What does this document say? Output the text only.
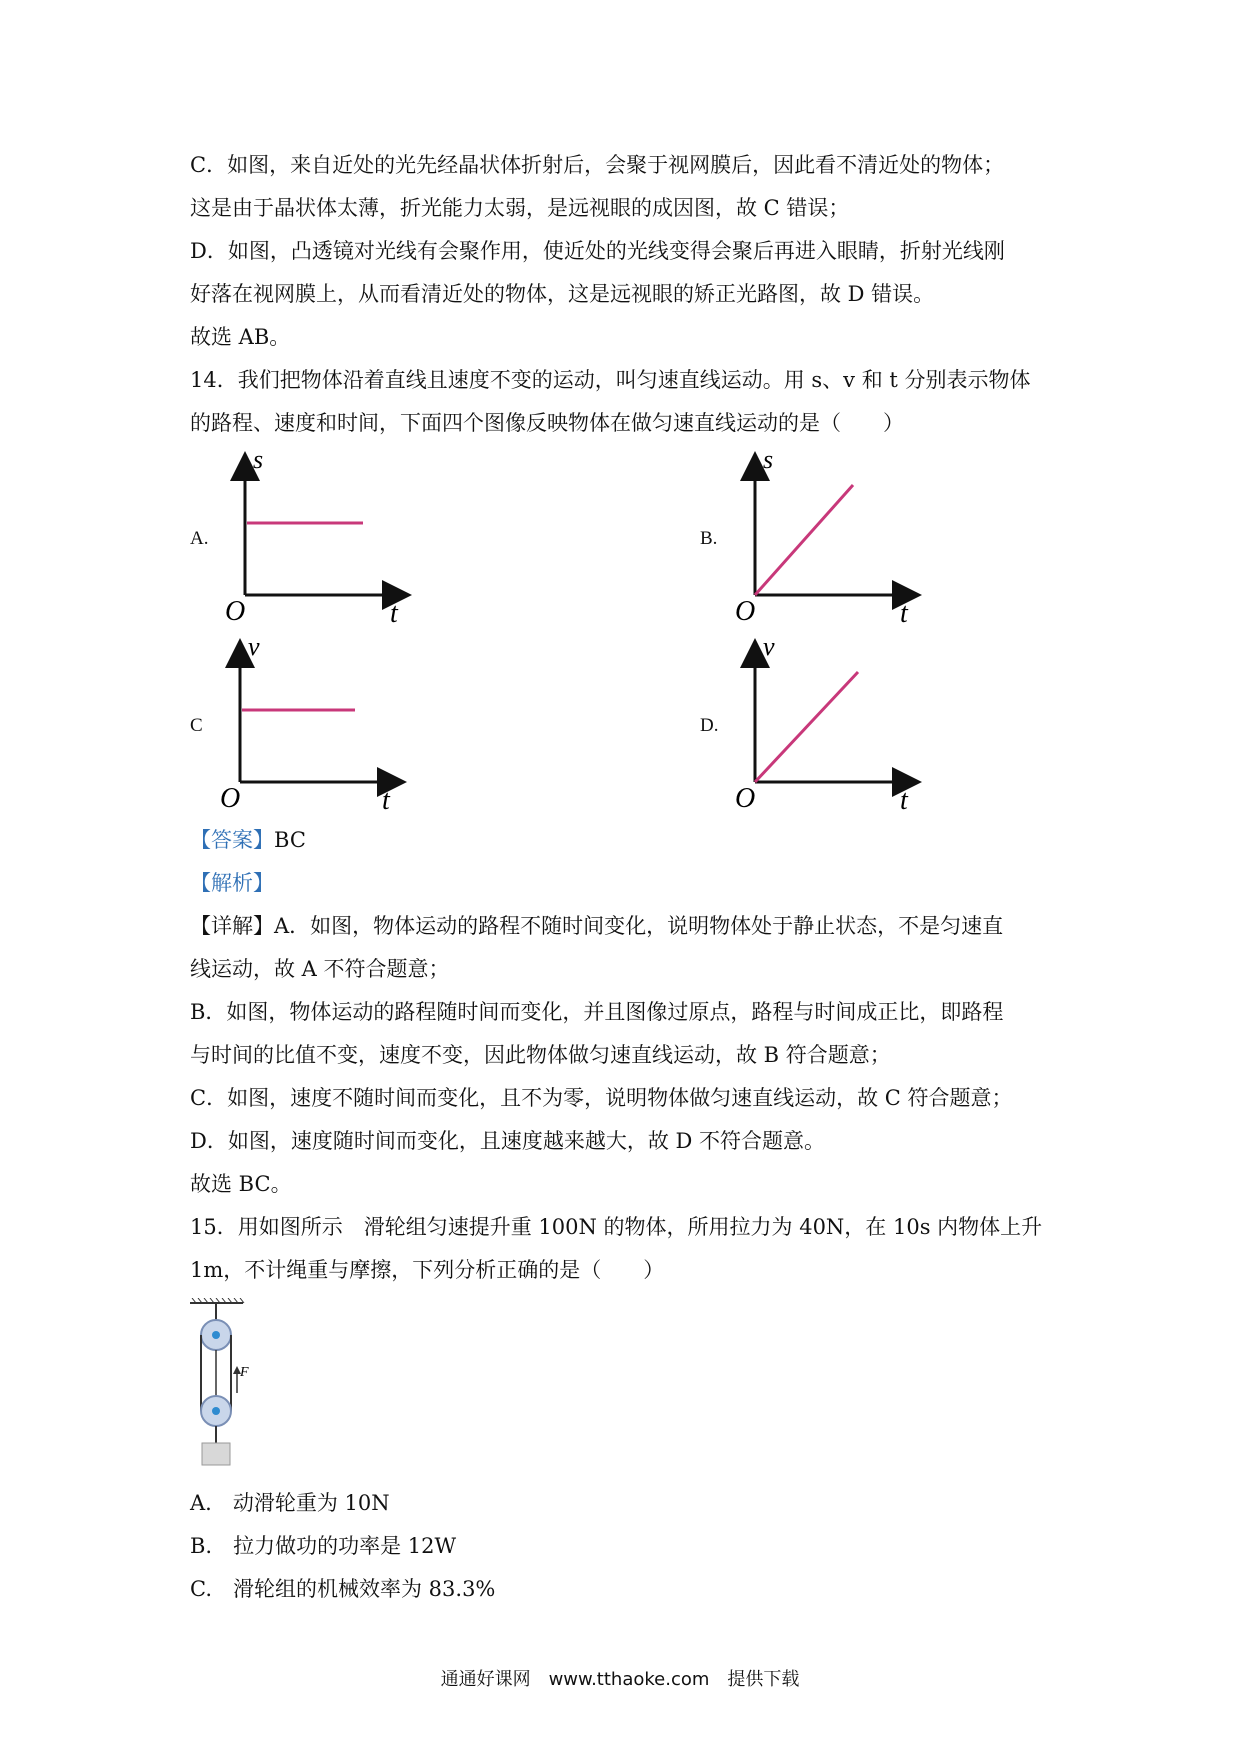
C．如图，来自近处的光先经晶状体折射后，会聚于视网膜后，因此看不清近处的物体；
这是由于晶状体太薄，折光能力太弱，是远视眼的成因图，故 C 错误；
D．如图，凸透镜对光线有会聚作用，使近处的光线变得会聚后再进入眼睛，折射光线刚
好落在视网膜上，从而看清近处的物体，这是远视眼的矫正光路图，故 D 错误。
故选 AB。
14．我们把物体沿着直线且速度不变的运动，叫匀速直线运动。用 s、v 和 t 分别表示物体
的路程、速度和时间，下面四个图像反映物体在做匀速直线运动的是（　　）
A.
s
O	t
B.
s
O	t
C
v
O	t
D.
v
O	t
【答案】BC
【解析】
【详解】A．如图，物体运动的路程不随时间变化，说明物体处于静止状态，不是匀速直
线运动，故 A 不符合题意；
B．如图，物体运动的路程随时间而变化，并且图像过原点，路程与时间成正比，即路程
与时间的比值不变，速度不变，因此物体做匀速直线运动，故 B 符合题意；
C．如图，速度不随时间而变化，且不为零，说明物体做匀速直线运动，故 C 符合题意；
D．如图，速度随时间而变化，且速度越来越大，故 D 不符合题意。
故选 BC。
15．用如图所示　滑轮组匀速提升重 100N 的物体，所用拉力为 40N，在 10s 内物体上升
1m，不计绳重与摩擦，下列分析正确的是（　　）
F
A.　动滑轮重为 10N
B.　拉力做功的功率是 12W
C.　滑轮组的机械效率为 83.3%
通通好课网　www.tthaoke.com　提供下载
